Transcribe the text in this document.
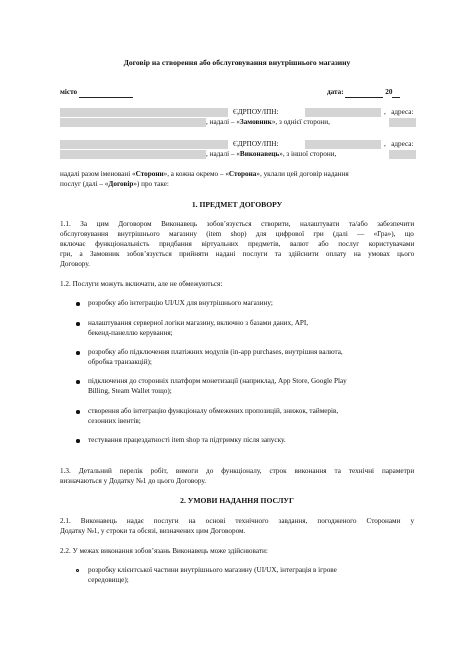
Договір на створення або обслуговування внутрішнього магазину
місто	дата:	20
ЄДРПОУ/ІПН:	,   адреса:
, надалі – «Замовник», з однієї сторони,
ЄДРПОУ/ІПН:	,   адреса:
, надалі – «Виконавець», з іншої сторони,
надалі разом іменовані «Сторони», а кожна окремо – «Сторона», уклали цей договір надання
послуг (далі – «Договір») про таке:
1. ПРЕДМЕТ ДОГОВОРУ
1.1. За цим Договором Виконавець зобов’язується створити, налаштувати та/або забезпечити
обслуговування внутрішнього магазину (item shop) для цифрової гри (далі — «Гра»), що
включає функціональність придбання віртуальних предметів, валют або послуг користувачами
гри, а Замовник зобов’язується прийняти надані послуги та здійснити оплату на умовах цього
Договору.
1.2. Послуги можуть включати, але не обмежуються:
розробку або інтеграцію UI/UX для внутрішнього магазину;
налаштування серверної логіки магазину, включно з базами даних, API,
бекенд-панеллю керування;
розробку або підключення платіжних модулів (in-app purchases, внутрішня валюта,
обробка транзакцій);
підключення до сторонніх платформ монетизації (наприклад, App Store, Google Play
Billing, Steam Wallet тощо);
створення або інтеграцію функціоналу обмежених пропозицій, знижок, таймерів,
сезонних івентів;
тестування працездатності item shop та підтримку після запуску.
1.3. Детальний перелік робіт, вимоги до функціоналу, строк виконання та технічні параметри
визначаються у Додатку №1 до цього Договору.
2. УМОВИ НАДАННЯ ПОСЛУГ
2.1. Виконавець надає послуги на основі технічного завдання, погодженого Сторонами у
Додатку №1, у строки та обсязі, визначених цим Договором.
2.2. У межах виконання зобов’язань Виконавець може здійснювати:
розробку клієнтської частини внутрішнього магазину (UI/UX, інтеграція в ігрове
середовище);
